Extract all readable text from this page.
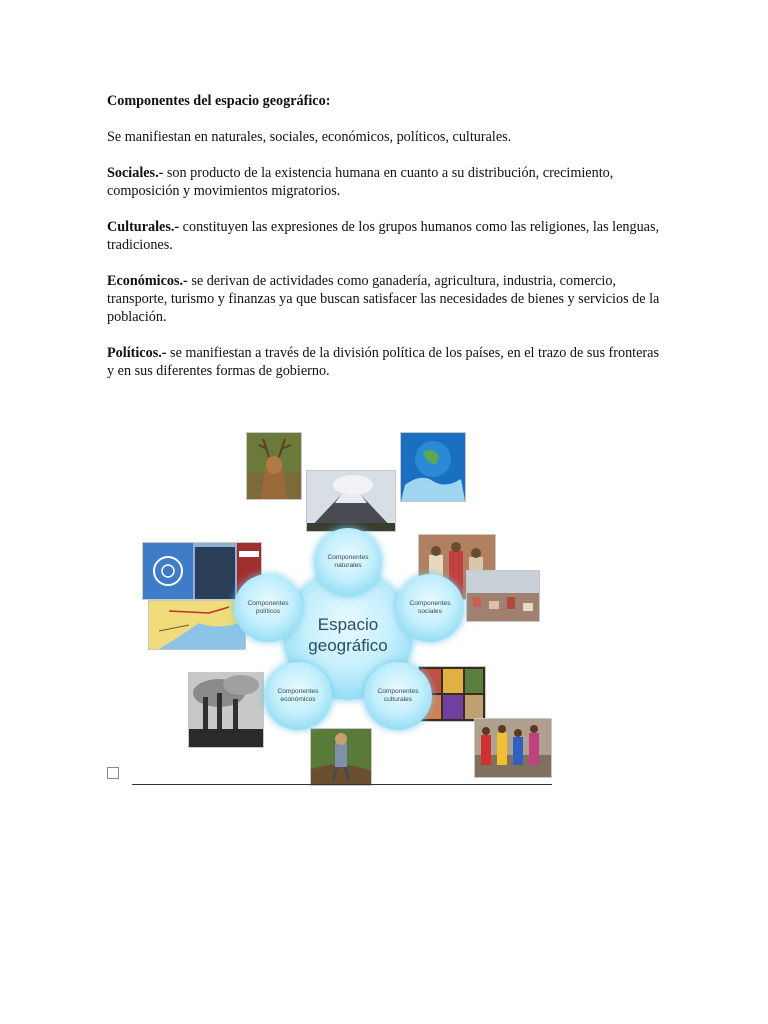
Componentes del espacio geográfico:

Se manifiestan en naturales, sociales, económicos, políticos, culturales.

Sociales.- son producto de la existencia humana en cuanto a su distribución, crecimiento, composición y movimientos migratorios.

Culturales.- constituyen las expresiones de los grupos humanos como las religiones, las lenguas, tradiciones.

Económicos.- se derivan de actividades como ganadería, agricultura, industria, comercio, transporte, turismo y finanzas ya que buscan satisfacer las necesidades de bienes y servicios de la población.

Políticos.- se manifiestan a través de la división política de los países, en el trazo de sus fronteras y en sus diferentes formas de gobierno.

Espacio geográfico
Componentes naturales
Componentes sociales
Componentes políticos
Componentes económicos
Componentes culturales
